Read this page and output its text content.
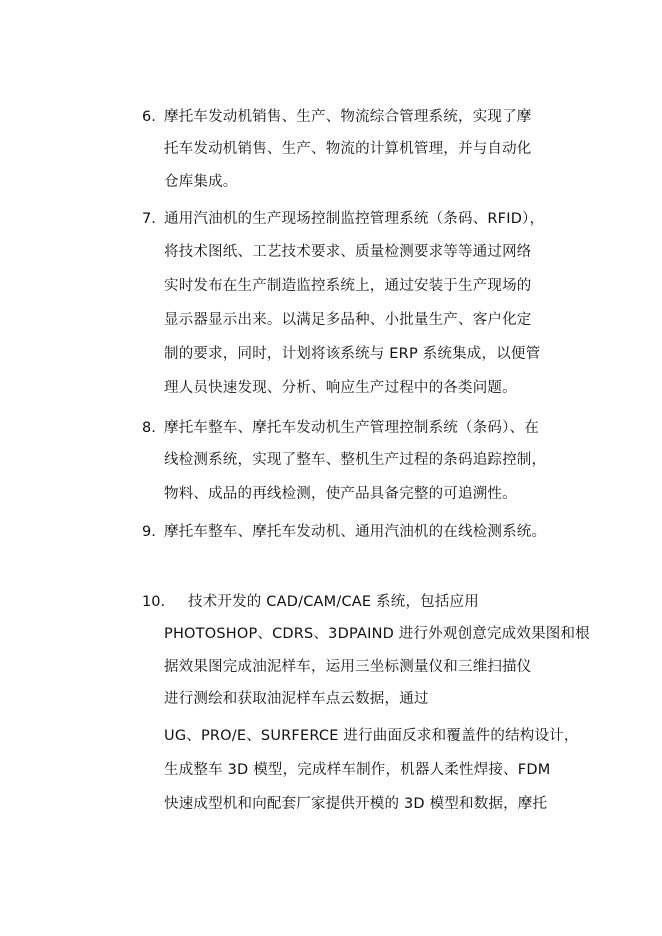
6. 摩托车发动机销售、生产、物流综合管理系统，实现了摩
托车发动机销售、生产、物流的计算机管理，并与自动化
仓库集成。
7. 通用汽油机的生产现场控制监控管理系统（条码、RFID），
将技术图纸、工艺技术要求、质量检测要求等等通过网络
实时发布在生产制造监控系统上，通过安装于生产现场的
显示器显示出来。以满足多品种、小批量生产、客户化定
制的要求，同时，计划将该系统与 ERP 系统集成，以便管
理人员快速发现、分析、响应生产过程中的各类问题。
8. 摩托车整车、摩托车发动机生产管理控制系统（条码）、在
线检测系统，实现了整车、整机生产过程的条码追踪控制，
物料、成品的再线检测，使产品具备完整的可追溯性。
9. 摩托车整车、摩托车发动机、通用汽油机的在线检测系统。
10. 技术开发的 CAD/CAM/CAE 系统，包括应用
PHOTOSHOP、CDRS、3DPAIND 进行外观创意完成效果图和根
据效果图完成油泥样车，运用三坐标测量仪和三维扫描仪
进行测绘和获取油泥样车点云数据，通过
UG、PRO/E、SURFERCE 进行曲面反求和覆盖件的结构设计，
生成整车 3D 模型，完成样车制作，机器人柔性焊接、FDM
快速成型机和向配套厂家提供开模的 3D 模型和数据，摩托
